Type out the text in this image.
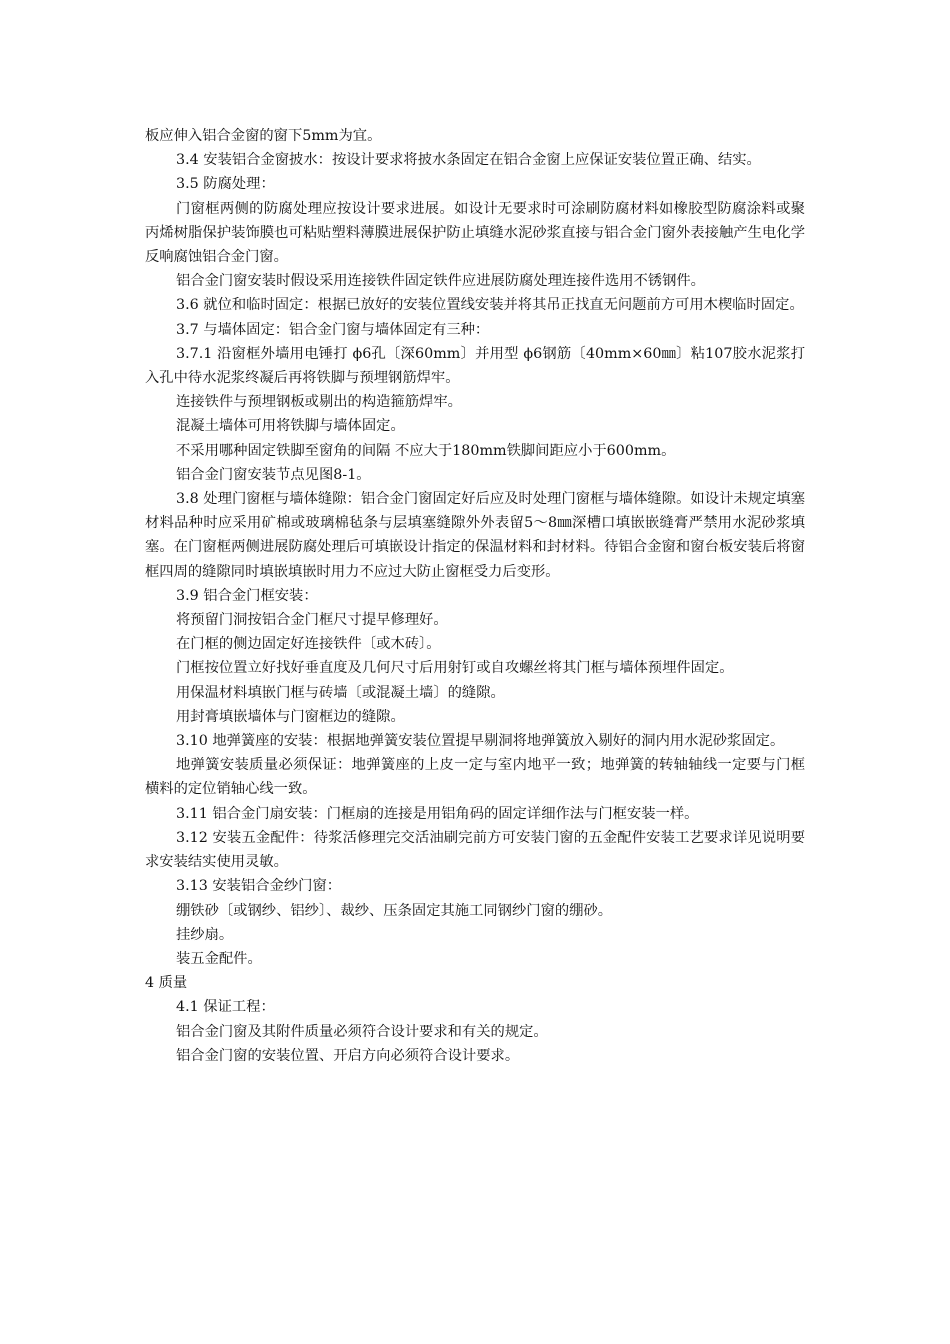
板应伸入铝合金窗的窗下5mm为宜。

3.4 安装铝合金窗披水：按设计要求将披水条固定在铝合金窗上应保证安装位置正确、结实。

3.5 防腐处理：

门窗框两侧的防腐处理应按设计要求进展。如设计无要求时可涂刷防腐材料如橡胶型防腐涂料或聚丙烯树脂保护装饰膜也可粘贴塑料薄膜进展保护防止填缝水泥砂浆直接与铝合金门窗外表接触产生电化学反响腐蚀铝合金门窗。

铝合金门窗安装时假设采用连接铁件固定铁件应进展防腐处理连接件选用不锈钢件。

3.6 就位和临时固定：根据已放好的安装位置线安装并将其吊正找直无问题前方可用木楔临时固定。

3.7 与墙体固定：铝合金门窗与墙体固定有三种：

3.7.1 沿窗框外墙用电锤打 ϕ6孔〔深60mm〕并用型 ϕ6钢筋〔40mm×60㎜〕粘107胶水泥浆打入孔中待水泥浆终凝后再将铁脚与预埋钢筋焊牢。

连接铁件与预埋钢板或剔出的构造箍筋焊牢。

混凝土墙体可用将铁脚与墙体固定。

不采用哪种固定铁脚至窗角的间隔 不应大于180mm铁脚间距应小于600mm。

铝合金门窗安装节点见图8-1。

3.8 处理门窗框与墙体缝隙：铝合金门窗固定好后应及时处理门窗框与墙体缝隙。如设计未规定填塞材料品种时应采用矿棉或玻璃棉毡条与层填塞缝隙外外表留5～8㎜深槽口填嵌嵌缝膏严禁用水泥砂浆填塞。在门窗框两侧进展防腐处理后可填嵌设计指定的保温材料和封材料。待铝合金窗和窗台板安装后将窗框四周的缝隙同时填嵌填嵌时用力不应过大防止窗框受力后变形。

3.9 铝合金门框安装：

将预留门洞按铝合金门框尺寸提早修理好。

在门框的侧边固定好连接铁件〔或木砖〕。

门框按位置立好找好垂直度及几何尺寸后用射钉或自攻螺丝将其门框与墙体预埋件固定。

用保温材料填嵌门框与砖墙〔或混凝土墙〕的缝隙。

用封膏填嵌墙体与门窗框边的缝隙。

3.10 地弹簧座的安装：根据地弹簧安装位置提早剔洞将地弹簧放入剔好的洞内用水泥砂浆固定。

地弹簧安装质量必须保证：地弹簧座的上皮一定与室内地平一致；地弹簧的转轴轴线一定要与门框横料的定位销轴心线一致。

3.11 铝合金门扇安装：门框扇的连接是用铝角码的固定详细作法与门框安装一样。

3.12 安装五金配件：待浆活修理完交活油刷完前方可安装门窗的五金配件安装工艺要求详见说明要求安装结实使用灵敏。

3.13 安装铝合金纱门窗：

绷铁砂〔或钢纱、铝纱〕、裁纱、压条固定其施工同钢纱门窗的绷砂。

挂纱扇。

装五金配件。

4 质量

4.1 保证工程：

铝合金门窗及其附件质量必须符合设计要求和有关的规定。

铝合金门窗的安装位置、开启方向必须符合设计要求。
